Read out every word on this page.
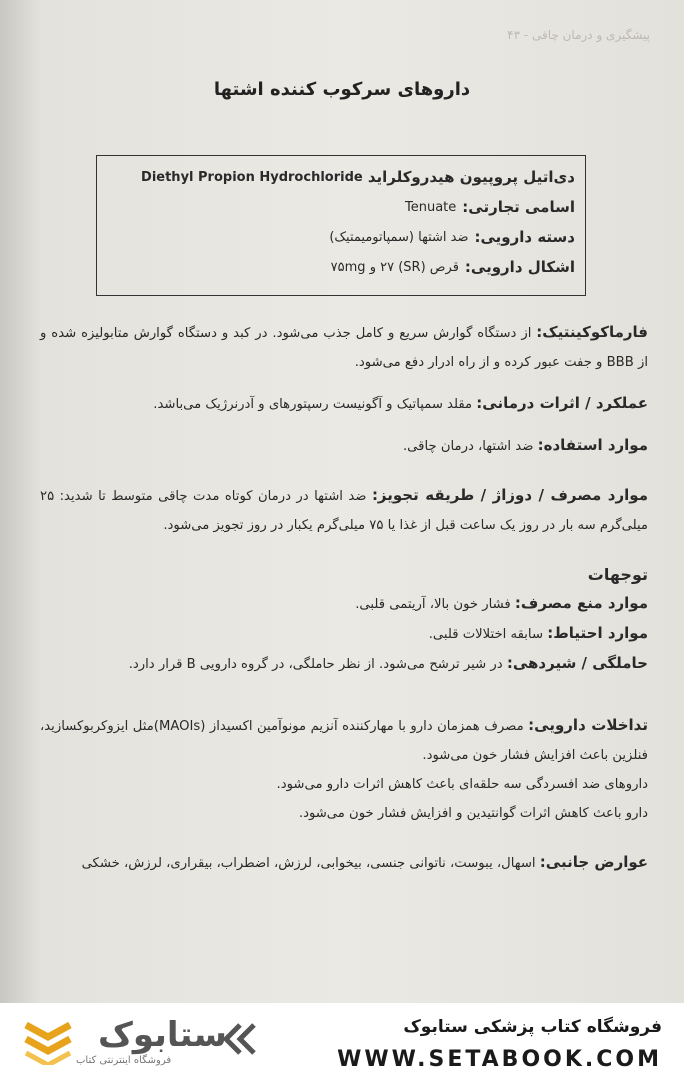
پیشگیری و درمان چاقی - ۴۳
داروهای سرکوب کننده اشتها
دی‌اتیل پروپیون هیدروکلراید

Diethyl Propion Hydrochloride
اسامی تجارتی:
Tenuate
دسته دارویی:
ضد اشتها (سمپاتومیمتیک)
اشکال دارویی:
قرص (SR) ۲۷ و ۷۵mg

فارماکوکینتیک: از دستگاه گوارش سریع و کامل جذب می‌شود. در کبد و دستگاه گوارش متابولیزه شده و از BBB و جفت عبور کرده و از راه ادرار دفع می‌شود.

عملکرد / اثرات درمانی: مقلد سمپاتیک و آگونیست رسپتورهای و آدرنرژیک می‌باشد.

موارد استفاده: ضد اشتها، درمان چاقی.

موارد مصرف / دوزاژ / طریقه تجویز: ضد اشتها در درمان کوتاه مدت چاقی متوسط تا شدید: ۲۵ میلی‌گرم سه بار در روز یک ساعت قبل از غذا یا ۷۵ میلی‌گرم یکبار در روز تجویز می‌شود.

توجهات

موارد منع مصرف: فشار خون بالا، آریتمی قلبی.

موارد احتیاط: سابقه اختلالات قلبی.

حاملگی / شیردهی: در شیر ترشح می‌شود. از نظر حاملگی، در گروه دارویی B قرار دارد.

تداخلات دارویی: مصرف همزمان دارو با مهارکننده آنزیم مونوآمین اکسیداز (MAOIs)مثل ایزوکربوکسازید، فنلزین باعث افزایش فشار خون می‌شود.

داروهای ضد افسردگی سه حلقه‌ای باعث کاهش اثرات دارو می‌شود.

دارو باعث کاهش اثرات گوانتیدین و افزایش فشار خون می‌شود.

عوارض جانبی: اسهال، یبوست، ناتوانی جنسی، بیخوابی، لرزش، اضطراب، بیقراری، لرزش، خشکی

ستابوک
فروشگاه اینترنتی کتاب
فروشگاه کتاب پزشکی ستابوک
WWW.SETABOOK.COM
